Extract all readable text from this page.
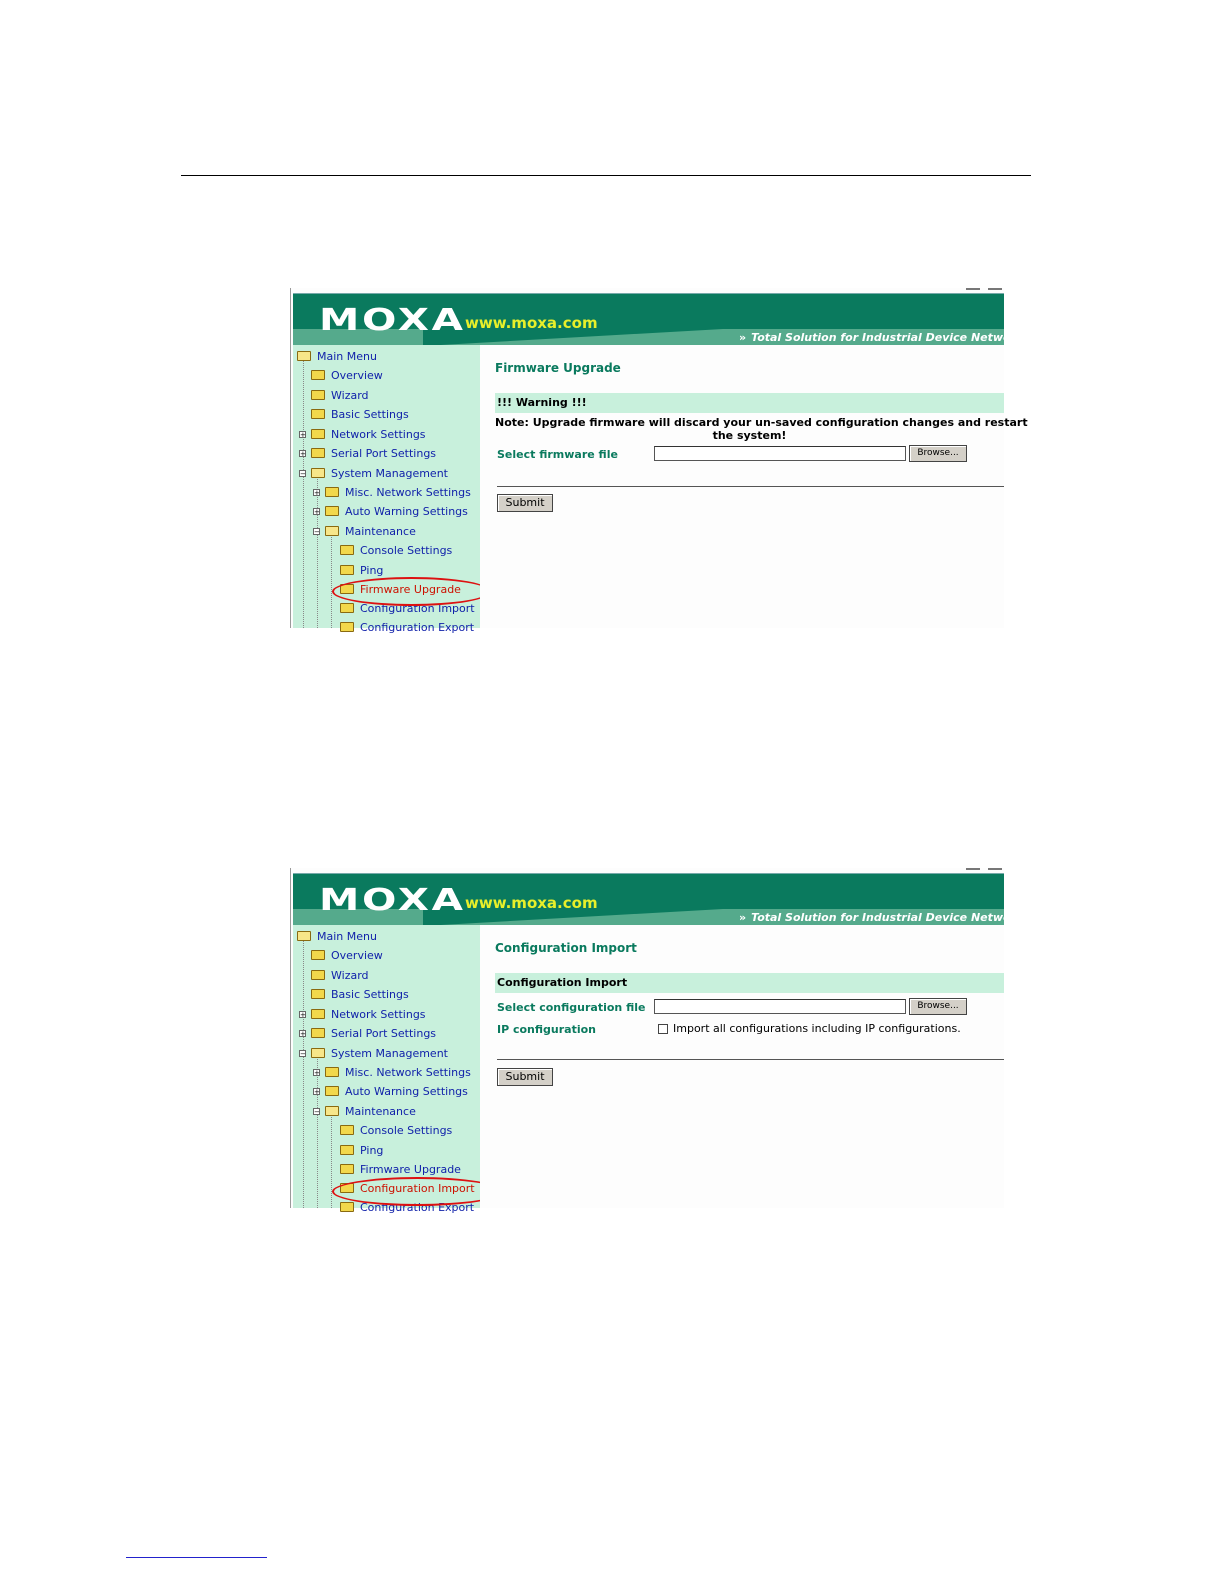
MOXA www.moxa.com
» Total Solution for Industrial Device Networking
Main Menu
Overview
Wizard
Basic Settings
+ Network Settings
+ Serial Port Settings
− System Management
+ Misc. Network Settings
+ Auto Warning Settings
− Maintenance
Console Settings
Ping
Firmware Upgrade
Configuration Import
Configuration Export
Firmware Upgrade
!!! Warning !!!
Note: Upgrade firmware will discard your un-saved configuration changes and restart
the system!
Select firmware file	Browse...
Submit
MOXA www.moxa.com
» Total Solution for Industrial Device Networking
Main Menu
Overview
Wizard
Basic Settings
+ Network Settings
+ Serial Port Settings
− System Management
+ Misc. Network Settings
+ Auto Warning Settings
− Maintenance
Console Settings
Ping
Firmware Upgrade
Configuration Import
Configuration Export
Configuration Import
Configuration Import
Select configuration file	Browse...
IP configuration	Import all configurations including IP configurations.
Submit
